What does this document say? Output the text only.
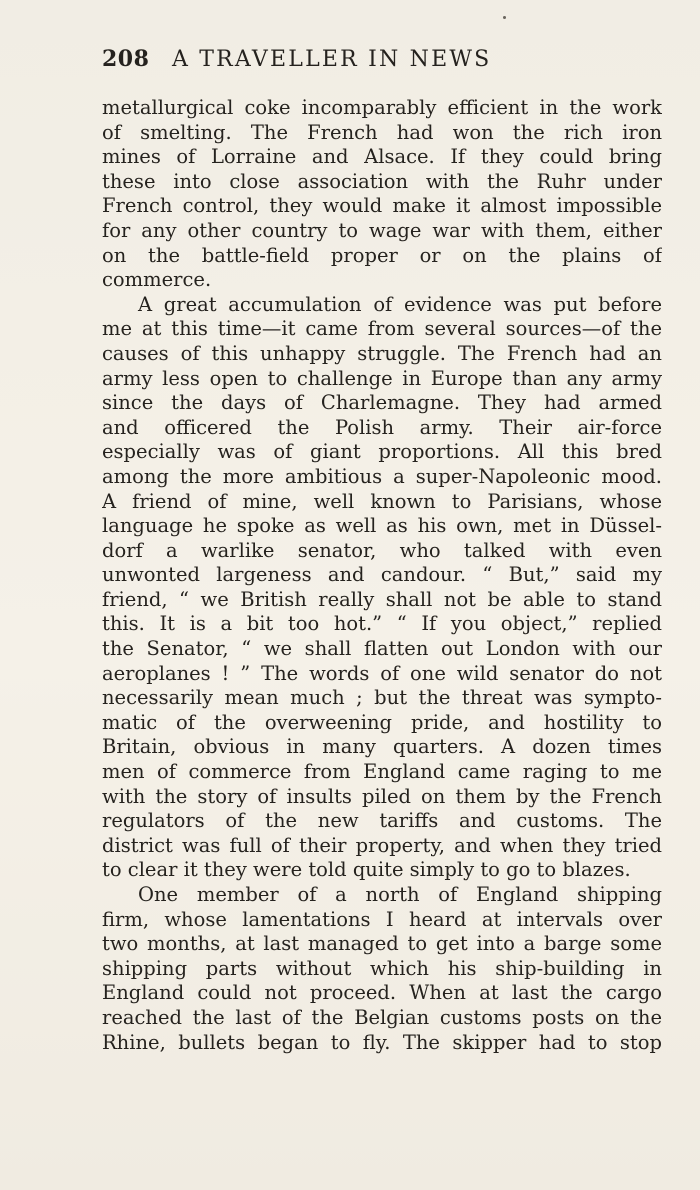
208	A TRAVELLER IN NEWS
metallurgical coke incomparably efficient in the work
of smelting. The French had won the rich iron
mines of Lorraine and Alsace. If they could bring
these into close association with the Ruhr under
French control, they would make it almost impossible
for any other country to wage war with them, either
on the battle-field proper or on the plains of
commerce.
A great accumulation of evidence was put before
me at this time—it came from several sources—of the
causes of this unhappy struggle. The French had an
army less open to challenge in Europe than any army
since the days of Charlemagne. They had armed
and officered the Polish army. Their air-force
especially was of giant proportions. All this bred
among the more ambitious a super-Napoleonic mood.
A friend of mine, well known to Parisians, whose
language he spoke as well as his own, met in Düssel-
dorf a warlike senator, who talked with even
unwonted largeness and candour. “ But,” said my
friend, “ we British really shall not be able to stand
this. It is a bit too hot.” “ If you object,” replied
the Senator, “ we shall flatten out London with our
aeroplanes ! ” The words of one wild senator do not
necessarily mean much ; but the threat was sympto-
matic of the overweening pride, and hostility to
Britain, obvious in many quarters. A dozen times
men of commerce from England came raging to me
with the story of insults piled on them by the French
regulators of the new tariffs and customs. The
district was full of their property, and when they tried
to clear it they were told quite simply to go to blazes.
One member of a north of England shipping
firm, whose lamentations I heard at intervals over
two months, at last managed to get into a barge some
shipping parts without which his ship-building in
England could not proceed. When at last the cargo
reached the last of the Belgian customs posts on the
Rhine, bullets began to fly. The skipper had to stop
